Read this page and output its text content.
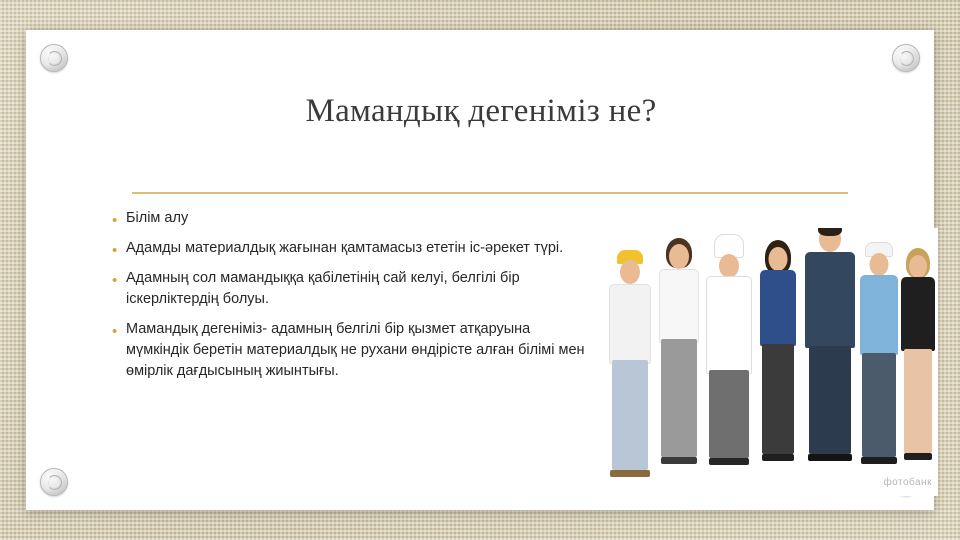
Мамандық дегеніміз не?
• Білім алу
• Адамды материалдық жағынан қамтамасыз ететін іс-әрекет түрі.
• Адамның сол мамандыққа қабілетінің сай келуі, белгілі бір іскерліктердің болуы.
• Мамандық дегеніміз- адамның белгілі бір қызмет атқаруына мүмкіндік беретін материалдық не рухани өндірісте алған білімі мен өмірлік дағдысының жиынтығы.
фотобанк
